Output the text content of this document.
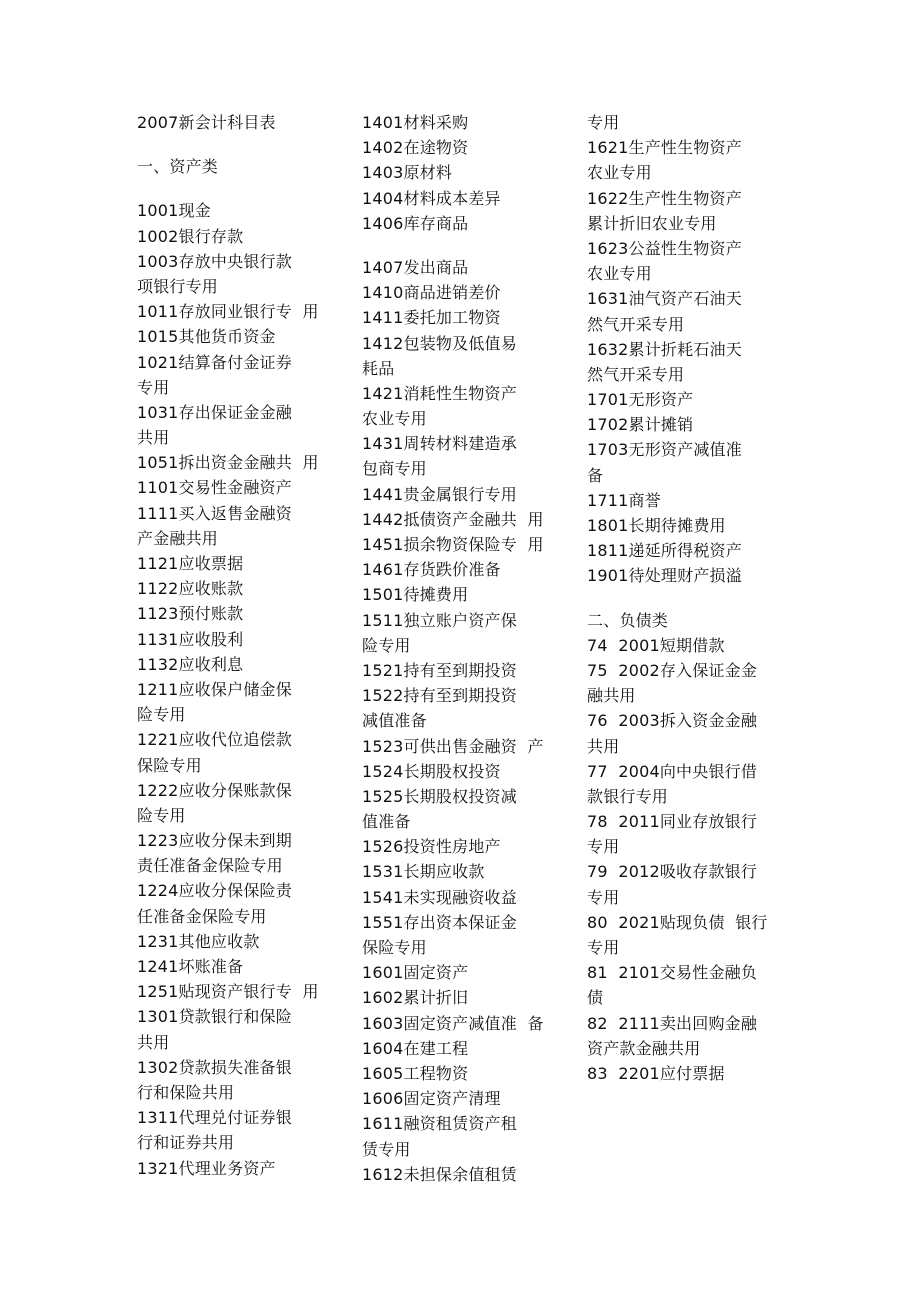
2007新会计科目表
一、资产类
1001现金
1002银行存款
1003存放中央银行款
项银行专用
1011存放同业银行专  用
1015其他货币资金
1021结算备付金证券
专用
1031存出保证金金融
共用
1051拆出资金金融共  用
1101交易性金融资产
1111买入返售金融资
产金融共用
1121应收票据
1122应收账款
1123预付账款
1131应收股利
1132应收利息
1211应收保户储金保
险专用
1221应收代位追偿款
保险专用
1222应收分保账款保
险专用
1223应收分保未到期
责任准备金保险专用
1224应收分保保险责
任准备金保险专用
1231其他应收款
1241坏账准备
1251贴现资产银行专  用
1301贷款银行和保险
共用
1302贷款损失准备银
行和保险共用
1311代理兑付证券银
行和证券共用
1321代理业务资产
1401材料采购
1402在途物资
1403原材料
1404材料成本差异
1406库存商品
1407发出商品
1410商品进销差价
1411委托加工物资
1412包装物及低值易
耗品
1421消耗性生物资产
农业专用
1431周转材料建造承
包商专用
1441贵金属银行专用
1442抵债资产金融共  用
1451损余物资保险专  用
1461存货跌价准备
1501待摊费用
1511独立账户资产保
险专用
1521持有至到期投资
1522持有至到期投资
减值准备
1523可供出售金融资  产
1524长期股权投资
1525长期股权投资减
值准备
1526投资性房地产
1531长期应收款
1541未实现融资收益
1551存出资本保证金
保险专用
1601固定资产
1602累计折旧
1603固定资产减值准  备
1604在建工程
1605工程物资
1606固定资产清理
1611融资租赁资产租
赁专用
1612未担保余值租赁
专用
1621生产性生物资产
农业专用
1622生产性生物资产
累计折旧农业专用
1623公益性生物资产
农业专用
1631油气资产石油天
然气开采专用
1632累计折耗石油天
然气开采专用
1701无形资产
1702累计摊销
1703无形资产减值准
备
1711商誉
1801长期待摊费用
1811递延所得税资产
1901待处理财产损溢
二、负债类
74  2001短期借款
75  2002存入保证金金
融共用
76  2003拆入资金金融
共用
77  2004向中央银行借
款银行专用
78  2011同业存放银行
专用
79  2012吸收存款银行
专用
80  2021贴现负债  银行
专用
81  2101交易性金融负
债
82  2111卖出回购金融
资产款金融共用
83  2201应付票据
